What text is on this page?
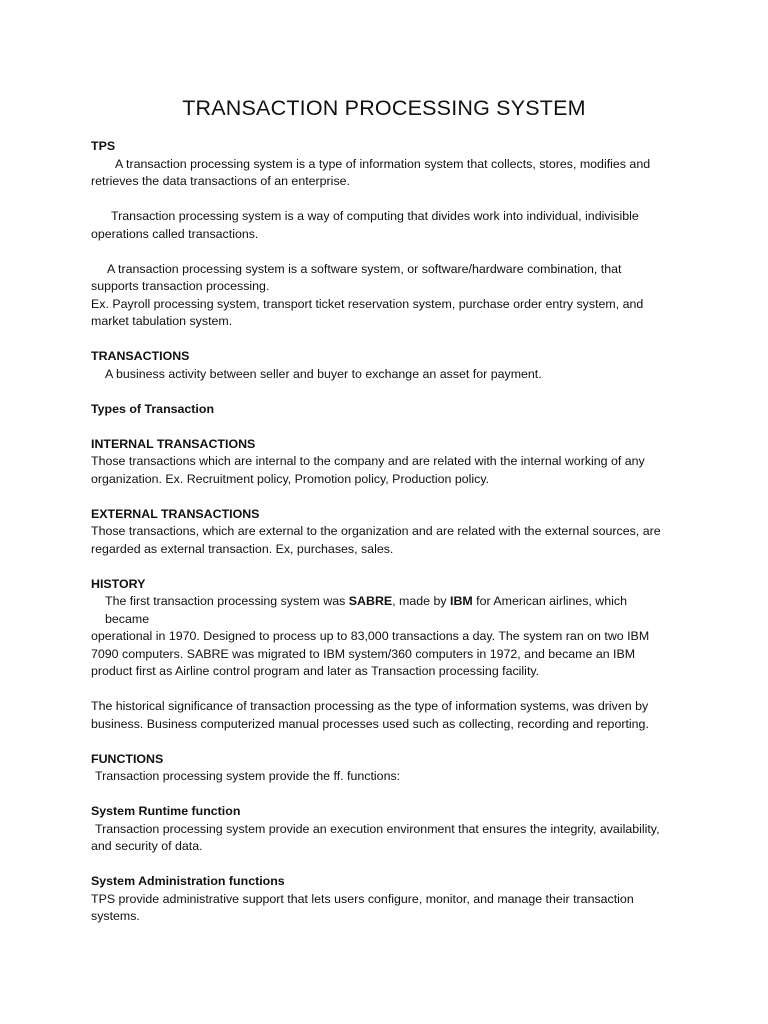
TRANSACTION PROCESSING SYSTEM

TPS

A transaction processing system is a type of information system that collects, stores, modifies and

retrieves the data transactions of an enterprise.

Transaction processing system is a way of computing that divides work into individual, indivisible

operations called transactions.

A transaction processing system is a software system, or software/hardware combination, that

supports transaction processing.

Ex. Payroll processing system, transport ticket reservation system, purchase order entry system, and

market tabulation system.

TRANSACTIONS

A business activity between seller and buyer to exchange an asset for payment.

Types of Transaction

INTERNAL TRANSACTIONS

Those transactions which are internal to the company and are related with the internal working of any

organization. Ex. Recruitment policy, Promotion policy, Production policy.

EXTERNAL TRANSACTIONS

Those transactions, which are external to the organization and are related with the external sources, are

regarded as external transaction. Ex, purchases, sales.

HISTORY

The first transaction processing system was SABRE, made by IBM for American airlines, which became

operational in 1970. Designed to process up to 83,000 transactions a day. The system ran on two IBM

7090 computers. SABRE was migrated to IBM system/360 computers in 1972, and became an IBM

product first as Airline control program and later as Transaction processing facility.

The historical significance of transaction processing as the type of information systems, was driven by

business. Business computerized manual processes used such as collecting, recording and reporting.

FUNCTIONS

Transaction processing system provide the ff. functions:

System Runtime function

Transaction processing system provide an execution environment that ensures the integrity, availability,

and security of data.

System Administration functions

TPS provide administrative support that lets users configure, monitor, and manage their transaction

systems.
